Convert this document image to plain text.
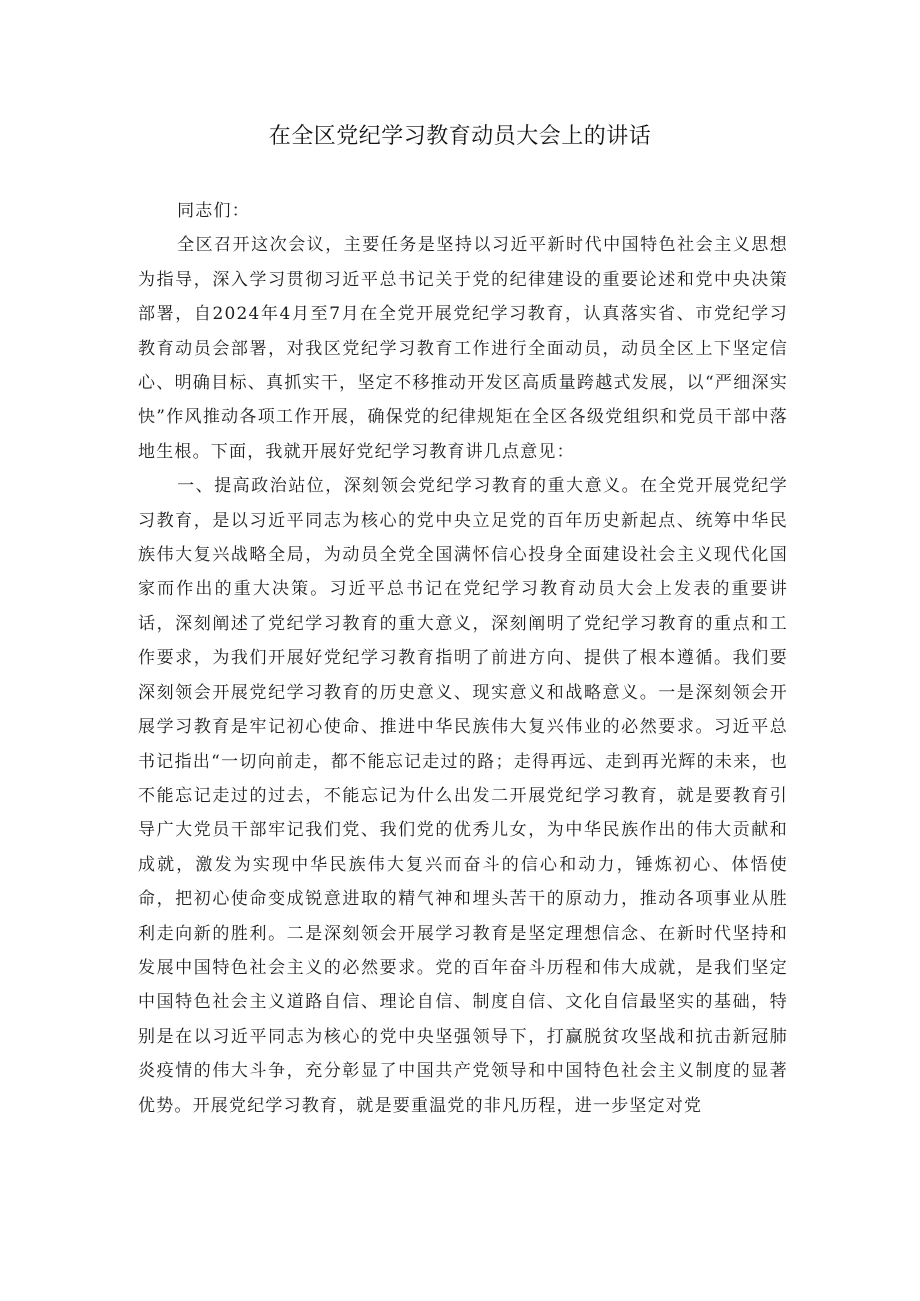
在全区党纪学习教育动员大会上的讲话

同志们：

全区召开这次会议，主要任务是坚持以习近平新时代中国特色社会主义思想为指导，深入学习贯彻习近平总书记关于党的纪律建设的重要论述和党中央决策部署，自2024年4月至7月在全党开展党纪学习教育，认真落实省、市党纪学习教育动员会部署，对我区党纪学习教育工作进行全面动员，动员全区上下坚定信心、明确目标、真抓实干，坚定不移推动开发区高质量跨越式发展，以“严细深实快”作风推动各项工作开展，确保党的纪律规矩在全区各级党组织和党员干部中落地生根。下面，我就开展好党纪学习教育讲几点意见：

一、提高政治站位，深刻领会党纪学习教育的重大意义。在全党开展党纪学习教育，是以习近平同志为核心的党中央立足党的百年历史新起点、统筹中华民族伟大复兴战略全局，为动员全党全国满怀信心投身全面建设社会主义现代化国家而作出的重大决策。习近平总书记在党纪学习教育动员大会上发表的重要讲话，深刻阐述了党纪学习教育的重大意义，深刻阐明了党纪学习教育的重点和工作要求，为我们开展好党纪学习教育指明了前进方向、提供了根本遵循。我们要深刻领会开展党纪学习教育的历史意义、现实意义和战略意义。一是深刻领会开展学习教育是牢记初心使命、推进中华民族伟大复兴伟业的必然要求。习近平总书记指出“一切向前走，都不能忘记走过的路；走得再远、走到再光辉的未来，也不能忘记走过的过去，不能忘记为什么出发二开展党纪学习教育，就是要教育引导广大党员干部牢记我们党、我们党的优秀儿女，为中华民族作出的伟大贡献和成就，激发为实现中华民族伟大复兴而奋斗的信心和动力，锤炼初心、体悟使命，把初心使命变成锐意进取的精气神和埋头苦干的原动力，推动各项事业从胜利走向新的胜利。二是深刻领会开展学习教育是坚定理想信念、在新时代坚持和发展中国特色社会主义的必然要求。党的百年奋斗历程和伟大成就，是我们坚定中国特色社会主义道路自信、理论自信、制度自信、文化自信最坚实的基础，特别是在以习近平同志为核心的党中央坚强领导下，打赢脱贫攻坚战和抗击新冠肺炎疫情的伟大斗争，充分彰显了中国共产党领导和中国特色社会主义制度的显著优势。开展党纪学习教育，就是要重温党的非凡历程，进一步坚定对党
